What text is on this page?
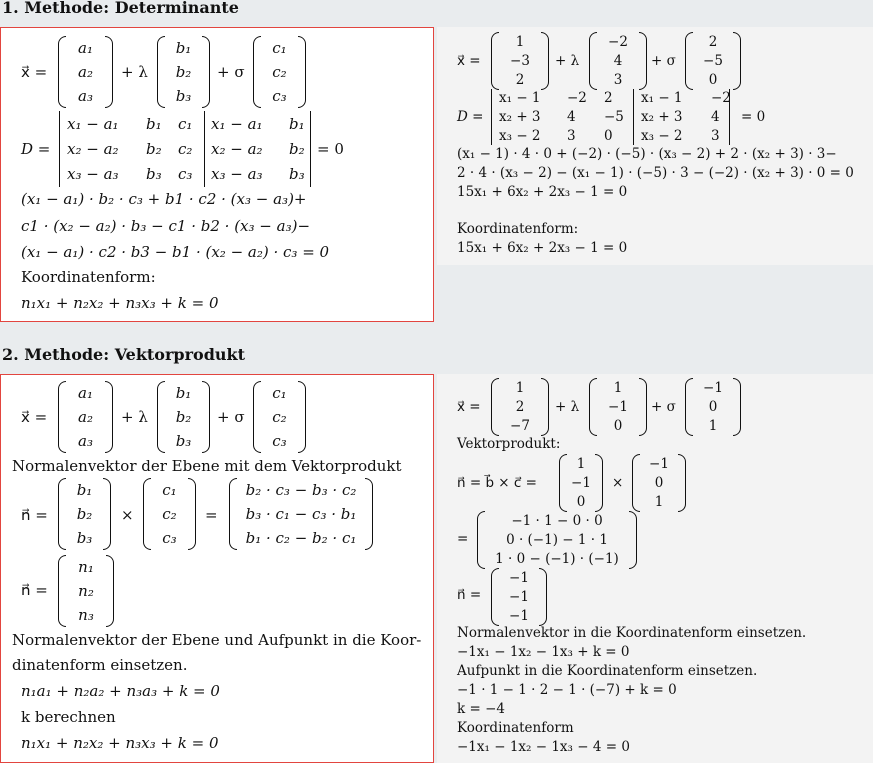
1. Methode: Determinante
x⃗ =
a₁
a₂
a₃
+ λ
b₁
b₂
b₃
+ σ
c₁
c₂
c₃
D =
x₁ − a₁
x₂ − a₂
x₃ − a₃
b₁
b₂
b₃
c₁
c₂
c₃
x₁ − a₁
x₂ − a₂
x₃ − a₃
b₁
b₂
b₃
= 0
(x₁ − a₁) · b₂ · c₃ + b1 · c2 · (x₃ − a₃)+
c1 · (x₂ − a₂) · b₃ − c1 · b2 · (x₃ − a₃)−
(x₁ − a₁) · c2 · b3 − b1 · (x₂ − a₂) · c₃ = 0
Koordinatenform:
n₁x₁ + n₂x₂ + n₃x₃ + k = 0
x⃗ =
1
−3
2
+ λ
−2
4
3
+ σ
2
−5
0
D =
x₁ − 1
x₂ + 3
x₃ − 2
−2
4
3
2
−5
0
x₁ − 1
x₂ + 3
x₃ − 2
−2
4
3
= 0
(x₁ − 1) · 4 · 0 + (−2) · (−5) · (x₃ − 2) + 2 · (x₂ + 3) · 3−
2 · 4 · (x₃ − 2) − (x₁ − 1) · (−5) · 3 − (−2) · (x₂ + 3) · 0 = 0
15x₁ + 6x₂ + 2x₃ − 1 = 0
Koordinatenform:
15x₁ + 6x₂ + 2x₃ − 1 = 0
2. Methode: Vektorprodukt
x⃗ =
a₁
a₂
a₃
+ λ
b₁
b₂
b₃
+ σ
c₁
c₂
c₃
Normalenvektor der Ebene mit dem Vektorprodukt
n⃗ =
b₁
b₂
b₃
×
c₁
c₂
c₃
=
b₂ · c₃ − b₃ · c₂
b₃ · c₁ − c₃ · b₁
b₁ · c₂ − b₂ · c₁
n⃗ =
n₁
n₂
n₃
Normalenvektor der Ebene und Aufpunkt in die Koor-
dinatenform einsetzen.
n₁a₁ + n₂a₂ + n₃a₃ + k = 0
k berechnen
n₁x₁ + n₂x₂ + n₃x₃ + k = 0
x⃗ =
1
2
−7
+ λ
1
−1
0
+ σ
−1
0
1
Vektorprodukt:
n⃗ = b⃗ × c⃗ =
1
−1
0
×
−1
0
1
=
−1 · 1 − 0 · 0
0 · (−1) − 1 · 1
1 · 0 − (−1) · (−1)
n⃗ =
−1
−1
−1
Normalenvektor in die Koordinatenform einsetzen.
−1x₁ − 1x₂ − 1x₃ + k = 0
Aufpunkt in die Koordinatenform einsetzen.
−1 · 1 − 1 · 2 − 1 · (−7) + k = 0
k = −4
Koordinatenform
−1x₁ − 1x₂ − 1x₃ − 4 = 0
